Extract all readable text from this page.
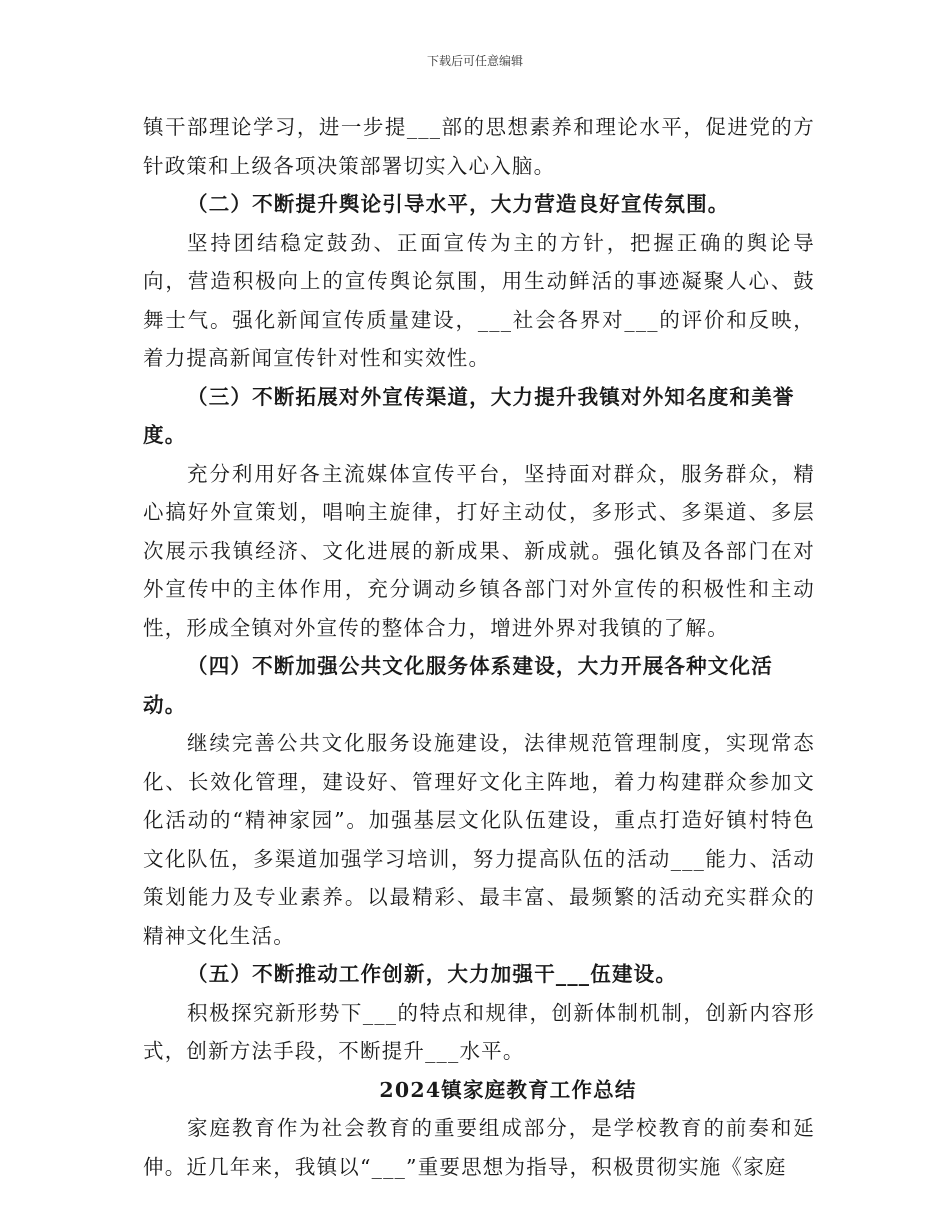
下载后可任意编辑

镇干部理论学习，进一步提___部的思想素养和理论水平，促进党的方针政策和上级各项决策部署切实入心入脑。

（二）不断提升舆论引导水平，大力营造良好宣传氛围。

坚持团结稳定鼓劲、正面宣传为主的方针，把握正确的舆论导向，营造积极向上的宣传舆论氛围，用生动鲜活的事迹凝聚人心、鼓舞士气。强化新闻宣传质量建设，___社会各界对___的评价和反映，着力提高新闻宣传针对性和实效性。

（三）不断拓展对外宣传渠道，大力提升我镇对外知名度和美誉度。

充分利用好各主流媒体宣传平台，坚持面对群众，服务群众，精心搞好外宣策划，唱响主旋律，打好主动仗，多形式、多渠道、多层次展示我镇经济、文化进展的新成果、新成就。强化镇及各部门在对外宣传中的主体作用，充分调动乡镇各部门对外宣传的积极性和主动性，形成全镇对外宣传的整体合力，增进外界对我镇的了解。

（四）不断加强公共文化服务体系建设，大力开展各种文化活动。

继续完善公共文化服务设施建设，法律规范管理制度，实现常态化、长效化管理，建设好、管理好文化主阵地，着力构建群众参加文化活动的“精神家园”。加强基层文化队伍建设，重点打造好镇村特色文化队伍，多渠道加强学习培训，努力提高队伍的活动___能力、活动策划能力及专业素养。以最精彩、最丰富、最频繁的活动充实群众的精神文化生活。

（五）不断推动工作创新，大力加强干___伍建设。

积极探究新形势下___的特点和规律，创新体制机制，创新内容形式，创新方法手段，不断提升___水平。

2024镇家庭教育工作总结

家庭教育作为社会教育的重要组成部分，是学校教育的前奏和延伸。近几年来，我镇以“___”重要思想为指导，积极贯彻实施《家庭
